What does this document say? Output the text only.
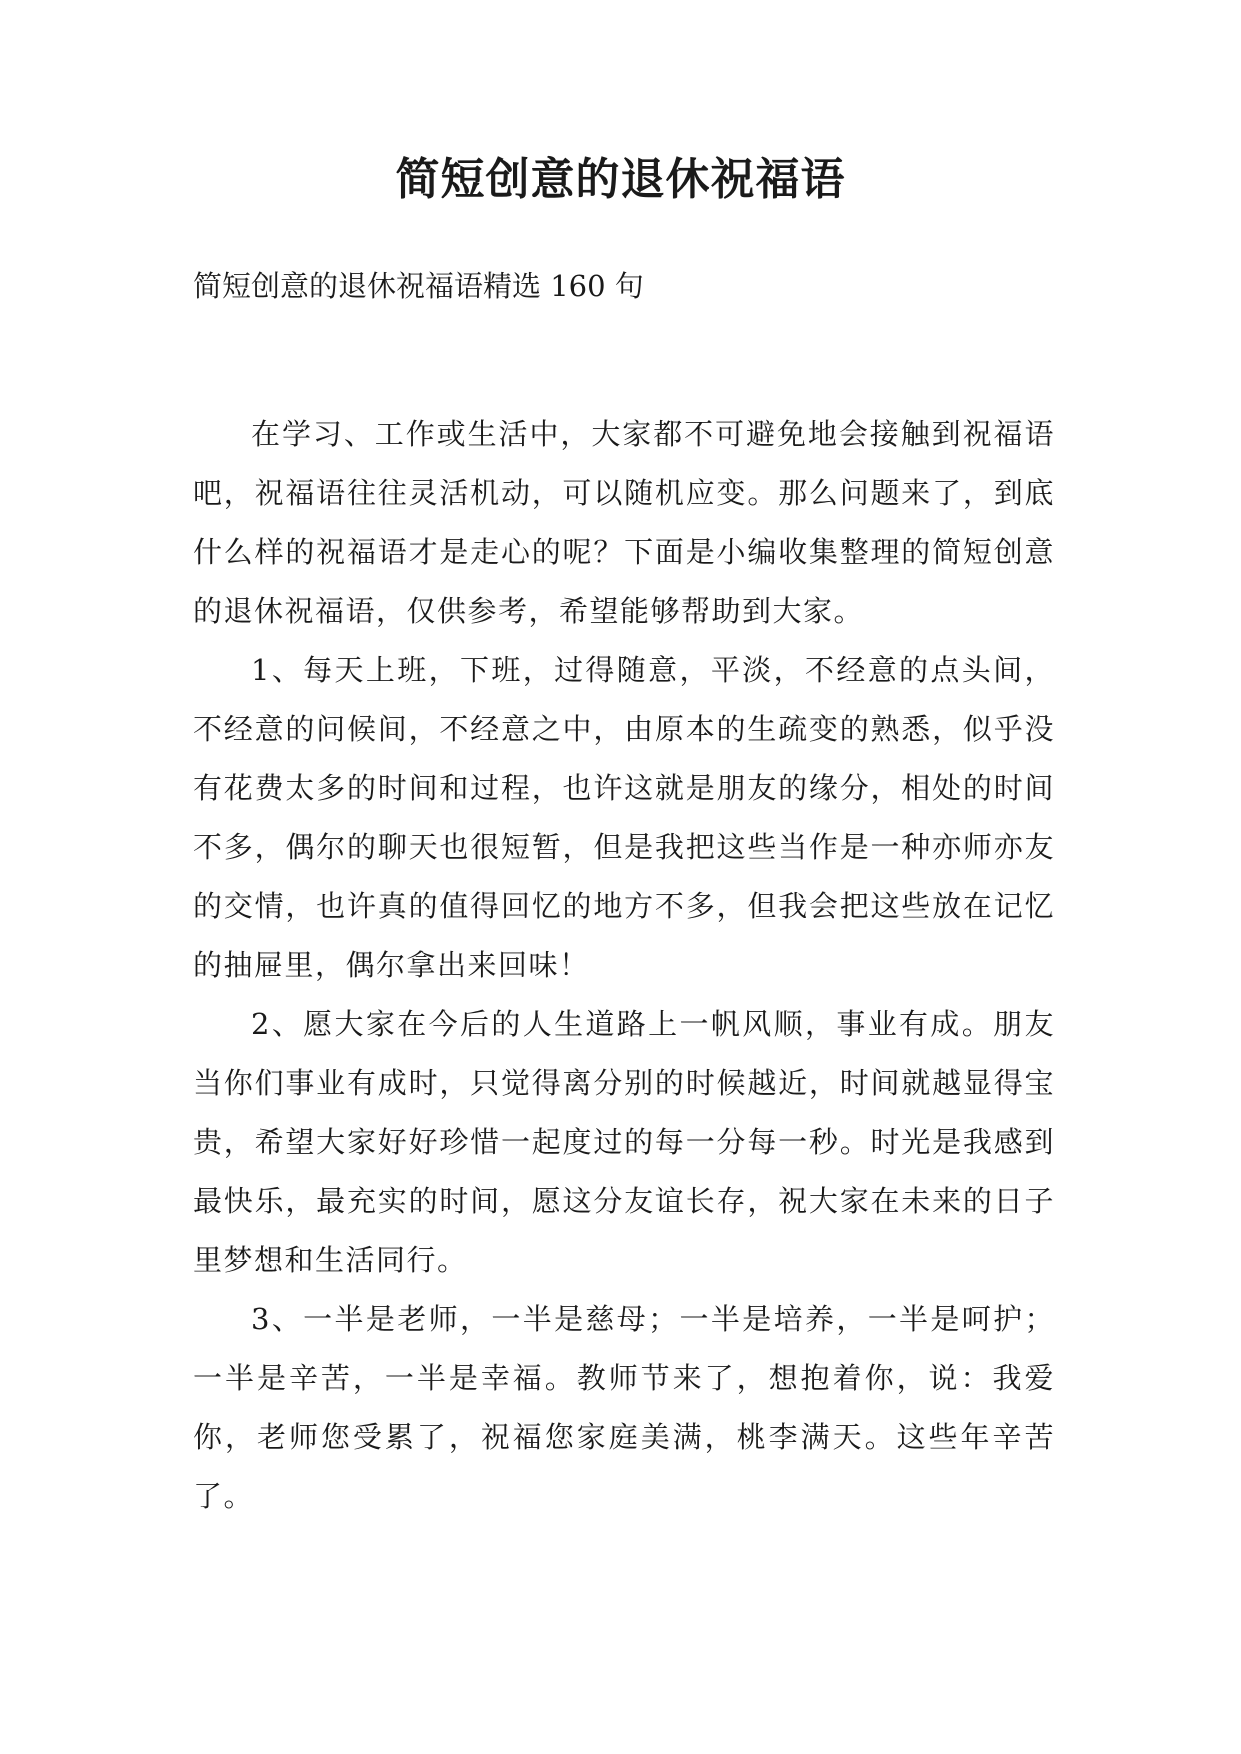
简短创意的退休祝福语

简短创意的退休祝福语精选 160 句

在学习、工作或生活中，大家都不可避免地会接触到祝福语吧，祝福语往往灵活机动，可以随机应变。那么问题来了，到底什么样的祝福语才是走心的呢？下面是小编收集整理的简短创意的退休祝福语，仅供参考，希望能够帮助到大家。

1、每天上班，下班，过得随意，平淡，不经意的点头间，不经意的问候间，不经意之中，由原本的生疏变的熟悉，似乎没有花费太多的时间和过程，也许这就是朋友的缘分，相处的时间不多，偶尔的聊天也很短暂，但是我把这些当作是一种亦师亦友的交情，也许真的值得回忆的地方不多，但我会把这些放在记忆的抽屉里，偶尔拿出来回味！

2、愿大家在今后的人生道路上一帆风顺，事业有成。朋友当你们事业有成时，只觉得离分别的时候越近，时间就越显得宝贵，希望大家好好珍惜一起度过的每一分每一秒。时光是我感到最快乐，最充实的时间，愿这分友谊长存，祝大家在未来的日子里梦想和生活同行。

3、一半是老师，一半是慈母；一半是培养，一半是呵护；一半是辛苦，一半是幸福。教师节来了，想抱着你，说：我爱你，老师您受累了，祝福您家庭美满，桃李满天。这些年辛苦了。
